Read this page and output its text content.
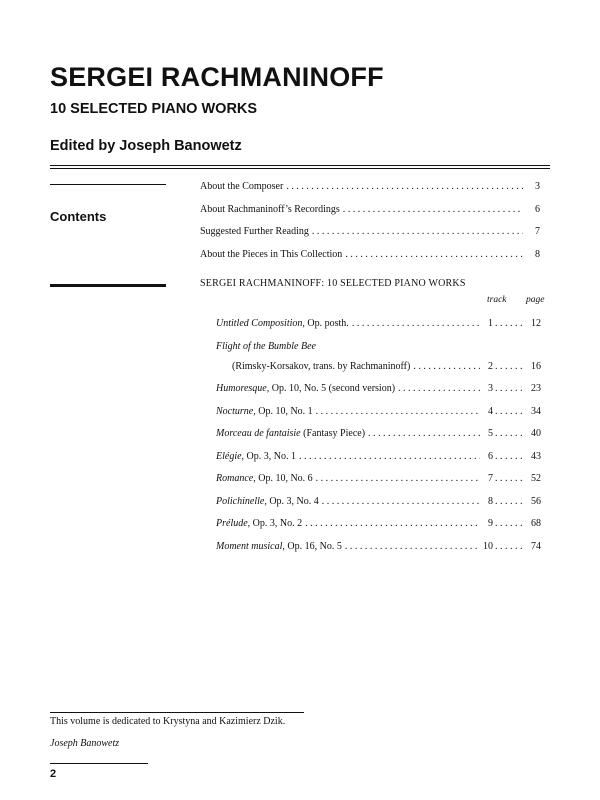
SERGEI RACHMANINOFF
10 SELECTED PIANO WORKS
Edited by Joseph Banowetz
Contents
About the Composer . . .	3
About Rachmaninoff’s Recordings . . .	6
Suggested Further Reading . . .	7
About the Pieces in This Collection . . .	8
SERGEI RACHMANINOFF: 10 SELECTED PIANO WORKS
track page
Untitled Composition, Op. posth. . . .	1 . . .	12
Flight of the Bumble Bee
(Rimsky-Korsakov, trans. by Rachmaninoff) . . .	2 . . .	16
Humoresque, Op. 10, No. 5 (second version) . . .	3 . . .	23
Nocturne, Op. 10, No. 1 . . .	4 . . .	34
Morceau de fantaisie (Fantasy Piece) . . .	5 . . .	40
Elégie, Op. 3, No. 1 . . .	6 . . .	43
Romance, Op. 10, No. 6 . . .	7 . . .	52
Polichinelle, Op. 3, No. 4 . . .	8 . . .	56
Prélude, Op. 3, No. 2 . . .	9 . . .	68
Moment musical, Op. 16, No. 5 . . .	10 . . .	74
This volume is dedicated to Krystyna and Kazimierz Dzik.
Joseph Banowetz
2
